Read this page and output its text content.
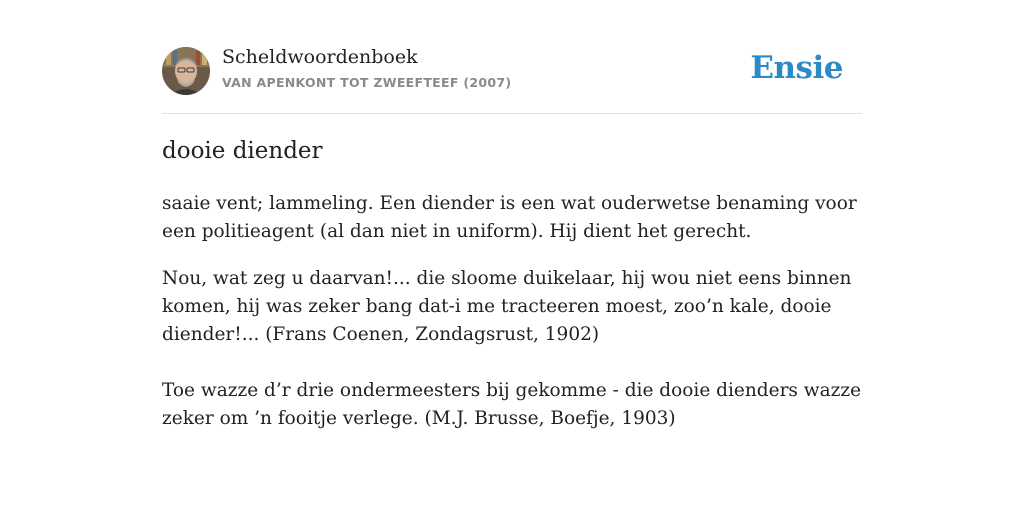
Scheldwoordenboek
VAN APENKONT TOT ZWEEFTEEF (2007)	Ensie
dooie diender

saaie vent; lammeling. Een diender is een wat ouderwetse benaming voor een politieagent (al dan niet in uniform). Hij dient het gerecht.

Nou, wat zeg u daarvan!... die sloome duikelaar, hij wou niet eens binnen komen, hij was zeker bang dat-i me tracteeren moest, zoo’n kale, dooie diender!... (Frans Coenen, Zondagsrust, 1902)

Toe wazze d’r drie ondermeesters bij gekomme - die dooie dienders wazze zeker om ’n fooitje verlege. (M.J. Brusse, Boefje, 1903)
